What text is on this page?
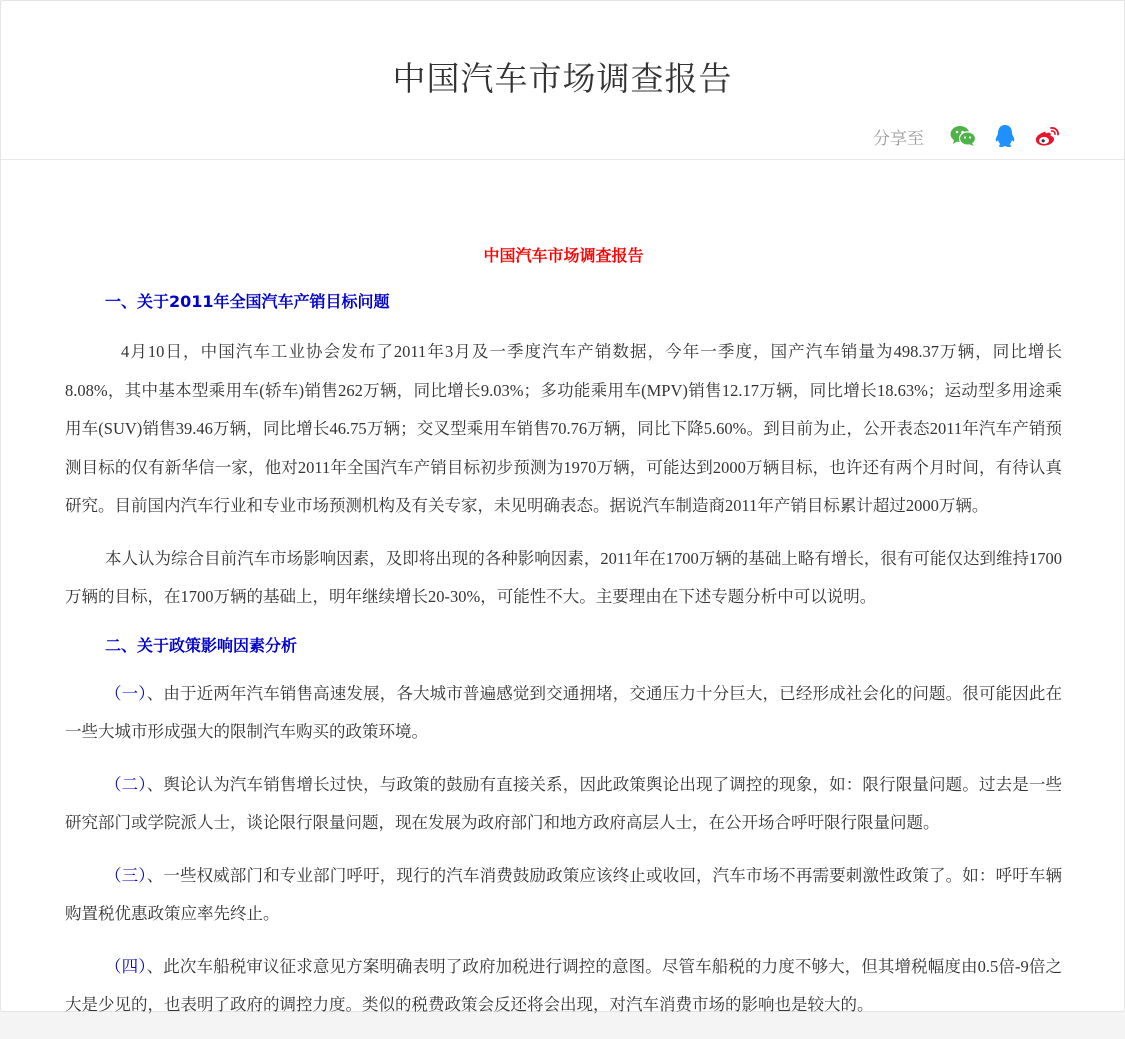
中国汽车市场调查报告
分享至
中国汽车市场调查报告
一、关于2011年全国汽车产销目标问题

4月10日，中国汽车工业协会发布了2011年3月及一季度汽车产销数据，今年一季度，国产汽车销量为498.37万辆，同比增长8.08%，其中基本型乘用车(轿车)销售262万辆，同比增长9.03%；多功能乘用车(MPV)销售12.17万辆，同比增长18.63%；运动型多用途乘用车(SUV)销售39.46万辆，同比增长46.75万辆；交叉型乘用车销售70.76万辆，同比下降5.60%。到目前为止，公开表态2011年汽车产销预测目标的仅有新华信一家，他对2011年全国汽车产销目标初步预测为1970万辆，可能达到2000万辆目标，也许还有两个月时间，有待认真研究。目前国内汽车行业和专业市场预测机构及有关专家，未见明确表态。据说汽车制造商2011年产销目标累计超过2000万辆。

本人认为综合目前汽车市场影响因素，及即将出现的各种影响因素，2011年在1700万辆的基础上略有增长，很有可能仅达到维持1700万辆的目标，在1700万辆的基础上，明年继续增长20-30%，可能性不大。主要理由在下述专题分析中可以说明。

二、关于政策影响因素分析

（一）、由于近两年汽车销售高速发展，各大城市普遍感觉到交通拥堵，交通压力十分巨大，已经形成社会化的问题。很可能因此在一些大城市形成强大的限制汽车购买的政策环境。

（二）、舆论认为汽车销售增长过快，与政策的鼓励有直接关系，因此政策舆论出现了调控的现象，如：限行限量问题。过去是一些研究部门或学院派人士，谈论限行限量问题，现在发展为政府部门和地方政府高层人士，在公开场合呼吁限行限量问题。

（三）、一些权威部门和专业部门呼吁，现行的汽车消费鼓励政策应该终止或收回，汽车市场不再需要刺激性政策了。如：呼吁车辆购置税优惠政策应率先终止。

（四）、此次车船税审议征求意见方案明确表明了政府加税进行调控的意图。尽管车船税的力度不够大，但其增税幅度由0.5倍-9倍之大是少见的，也表明了政府的调控力度。类似的税费政策会反还将会出现，对汽车消费市场的影响也是较大的。
